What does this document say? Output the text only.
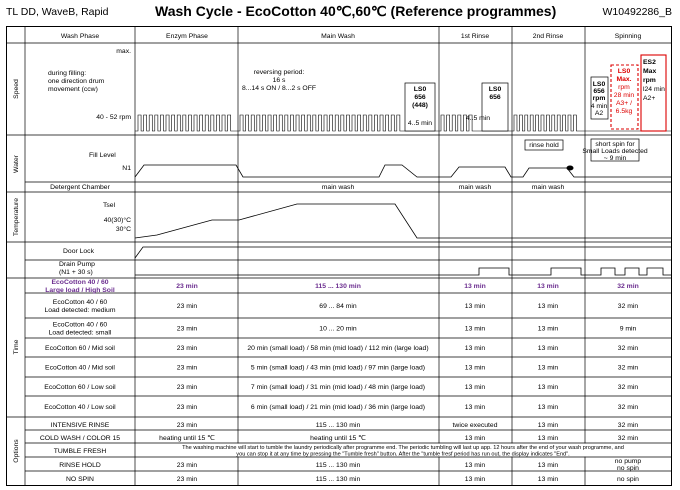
TL DD, WaveB, Rapid	Wash Cycle - EcoCotton 40℃,60℃ (Reference programmes)	W10492286_B
Wash Phase	Enzym Phase	Main Wash	1st Rinse	2nd Rinse	Spinning
Speed
Water
Temperature
Time
Options
max.
40 - 52 rpm
during filling:
one direction drum
movement (ccw)
reversing period:
16 s
8...14 s ON / 8...2 s OFF	LS0
656
(448)
4..5 min
LS0
656
4..5 min
LS0
656
rpm
4 min
A2
LS0
Max.
rpm
28 min
A3+ /
6.5kg
ES2
Max
rpm
l24 min
A2+
Fill Level
N1
rinse hold	short spin for
Small Loads detected
~ 9 min
Detergent Chamber	main wash	main wash	main wash
Tsel
40(30)°C
30°C
Door Lock
Drain Pump
(N1 + 30 s)
EcoCotton 40 / 60
Large load / High Soil
23 min	115 ... 130 min	13 min	13 min	32 min
EcoCotton 40 / 60
Load detected: medium
23 min	69 ... 84 min	13 min	13 min	32 min
EcoCotton 40 / 60
Load detected: small
23 min	10 ... 20 min	13 min	13 min	9 min
EcoCotton 60 / Mid soil	23 min	20 min (small load) / 58 min (mid load) / 112 min (large load)	13 min	13 min	32 min
EcoCotton 40 / Mid soil	23 min	5 min (small load) / 43 min (mid load) / 97 min (large load)	13 min	13 min	32 min
EcoCotton 60 / Low soil	23 min	7 min (small load) / 31 min (mid load) / 48 min (large load)	13 min	13 min	32 min
EcoCotton 40 / Low soil	23 min	6 min (small load) / 21 min (mid load) / 36 min (large load)	13 min	13 min	32 min
INTENSIVE RINSE	23 min	115 ... 130 min	twice executed	13 min	32 min
COLD WASH / COLOR 15	heating until 15 ℃	heating until 15 ℃	13 min	13 min	32 min
TUMBLE FRESH	The washing machine will start to tumble the laundry periodically after programme end. The periodic tumbling will last up app. 12 hours after the end of your wash programme, and
you can stop it at any time by pressing the "Tumble fresh" button. After the "tumble fresf period has run out, the display indicates "End".
RINSE HOLD	23 min	115 ... 130 min	13 min	13 min
no pump
no spin
NO SPIN	23 min	115 ... 130 min	13 min	13 min	no spin
